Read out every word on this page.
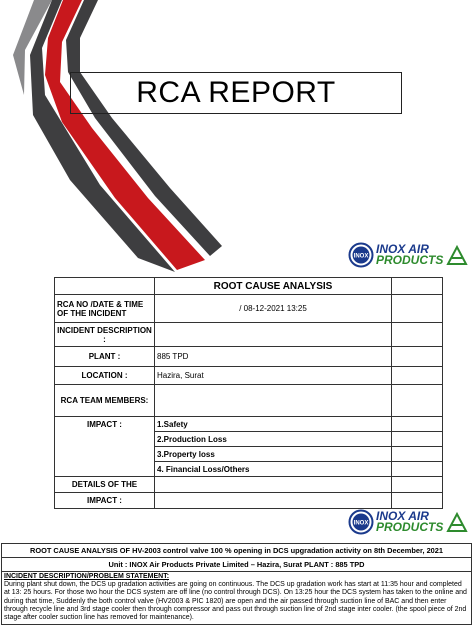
RCA REPORT
INOX
INOX AIR
PRODUCTS
	ROOT CAUSE ANALYSIS	
RCA NO /DATE & TIME OF THE INCIDENT	/ 08-12-2021 13:25	
INCIDENT DESCRIPTION :		
PLANT :	885 TPD	
LOCATION :	Hazira, Surat	
RCA TEAM MEMBERS:		
IMPACT :	1.Safety	
	2.Production Loss	
	3.Property loss	
	4. Financial Loss/Others	
DETAILS OF THE		
IMPACT :		
INOX
INOX AIR
PRODUCTS
ROOT CAUSE ANALYSIS OF HV-2003 control valve 100 % opening in DCS upgradation activity on 8th December, 2021
Unit : INOX Air Products Private Limited – Hazira, Surat PLANT : 885 TPD
INCIDENT DESCRIPTION/PROBLEM STATEMENT:
During plant shut down, the DCS up gradation activities are going on continuous. The DCS up gradation work has start at 11:35 hour and completed at 13: 25 hours. For those two hour the DCS system are off line (no control through DCS). On 13:25 hour the DCS system has taken to the online and during that time, Suddenly the both control valve (HV2003 & PIC 1820) are open and the air passed through suction line of BAC and then enter through recycle line and 3rd stage cooler then through compressor and pass out through suction line of 2nd stage inter cooler. (the spool piece of 2nd stage after cooler suction line has removed for maintenance).
